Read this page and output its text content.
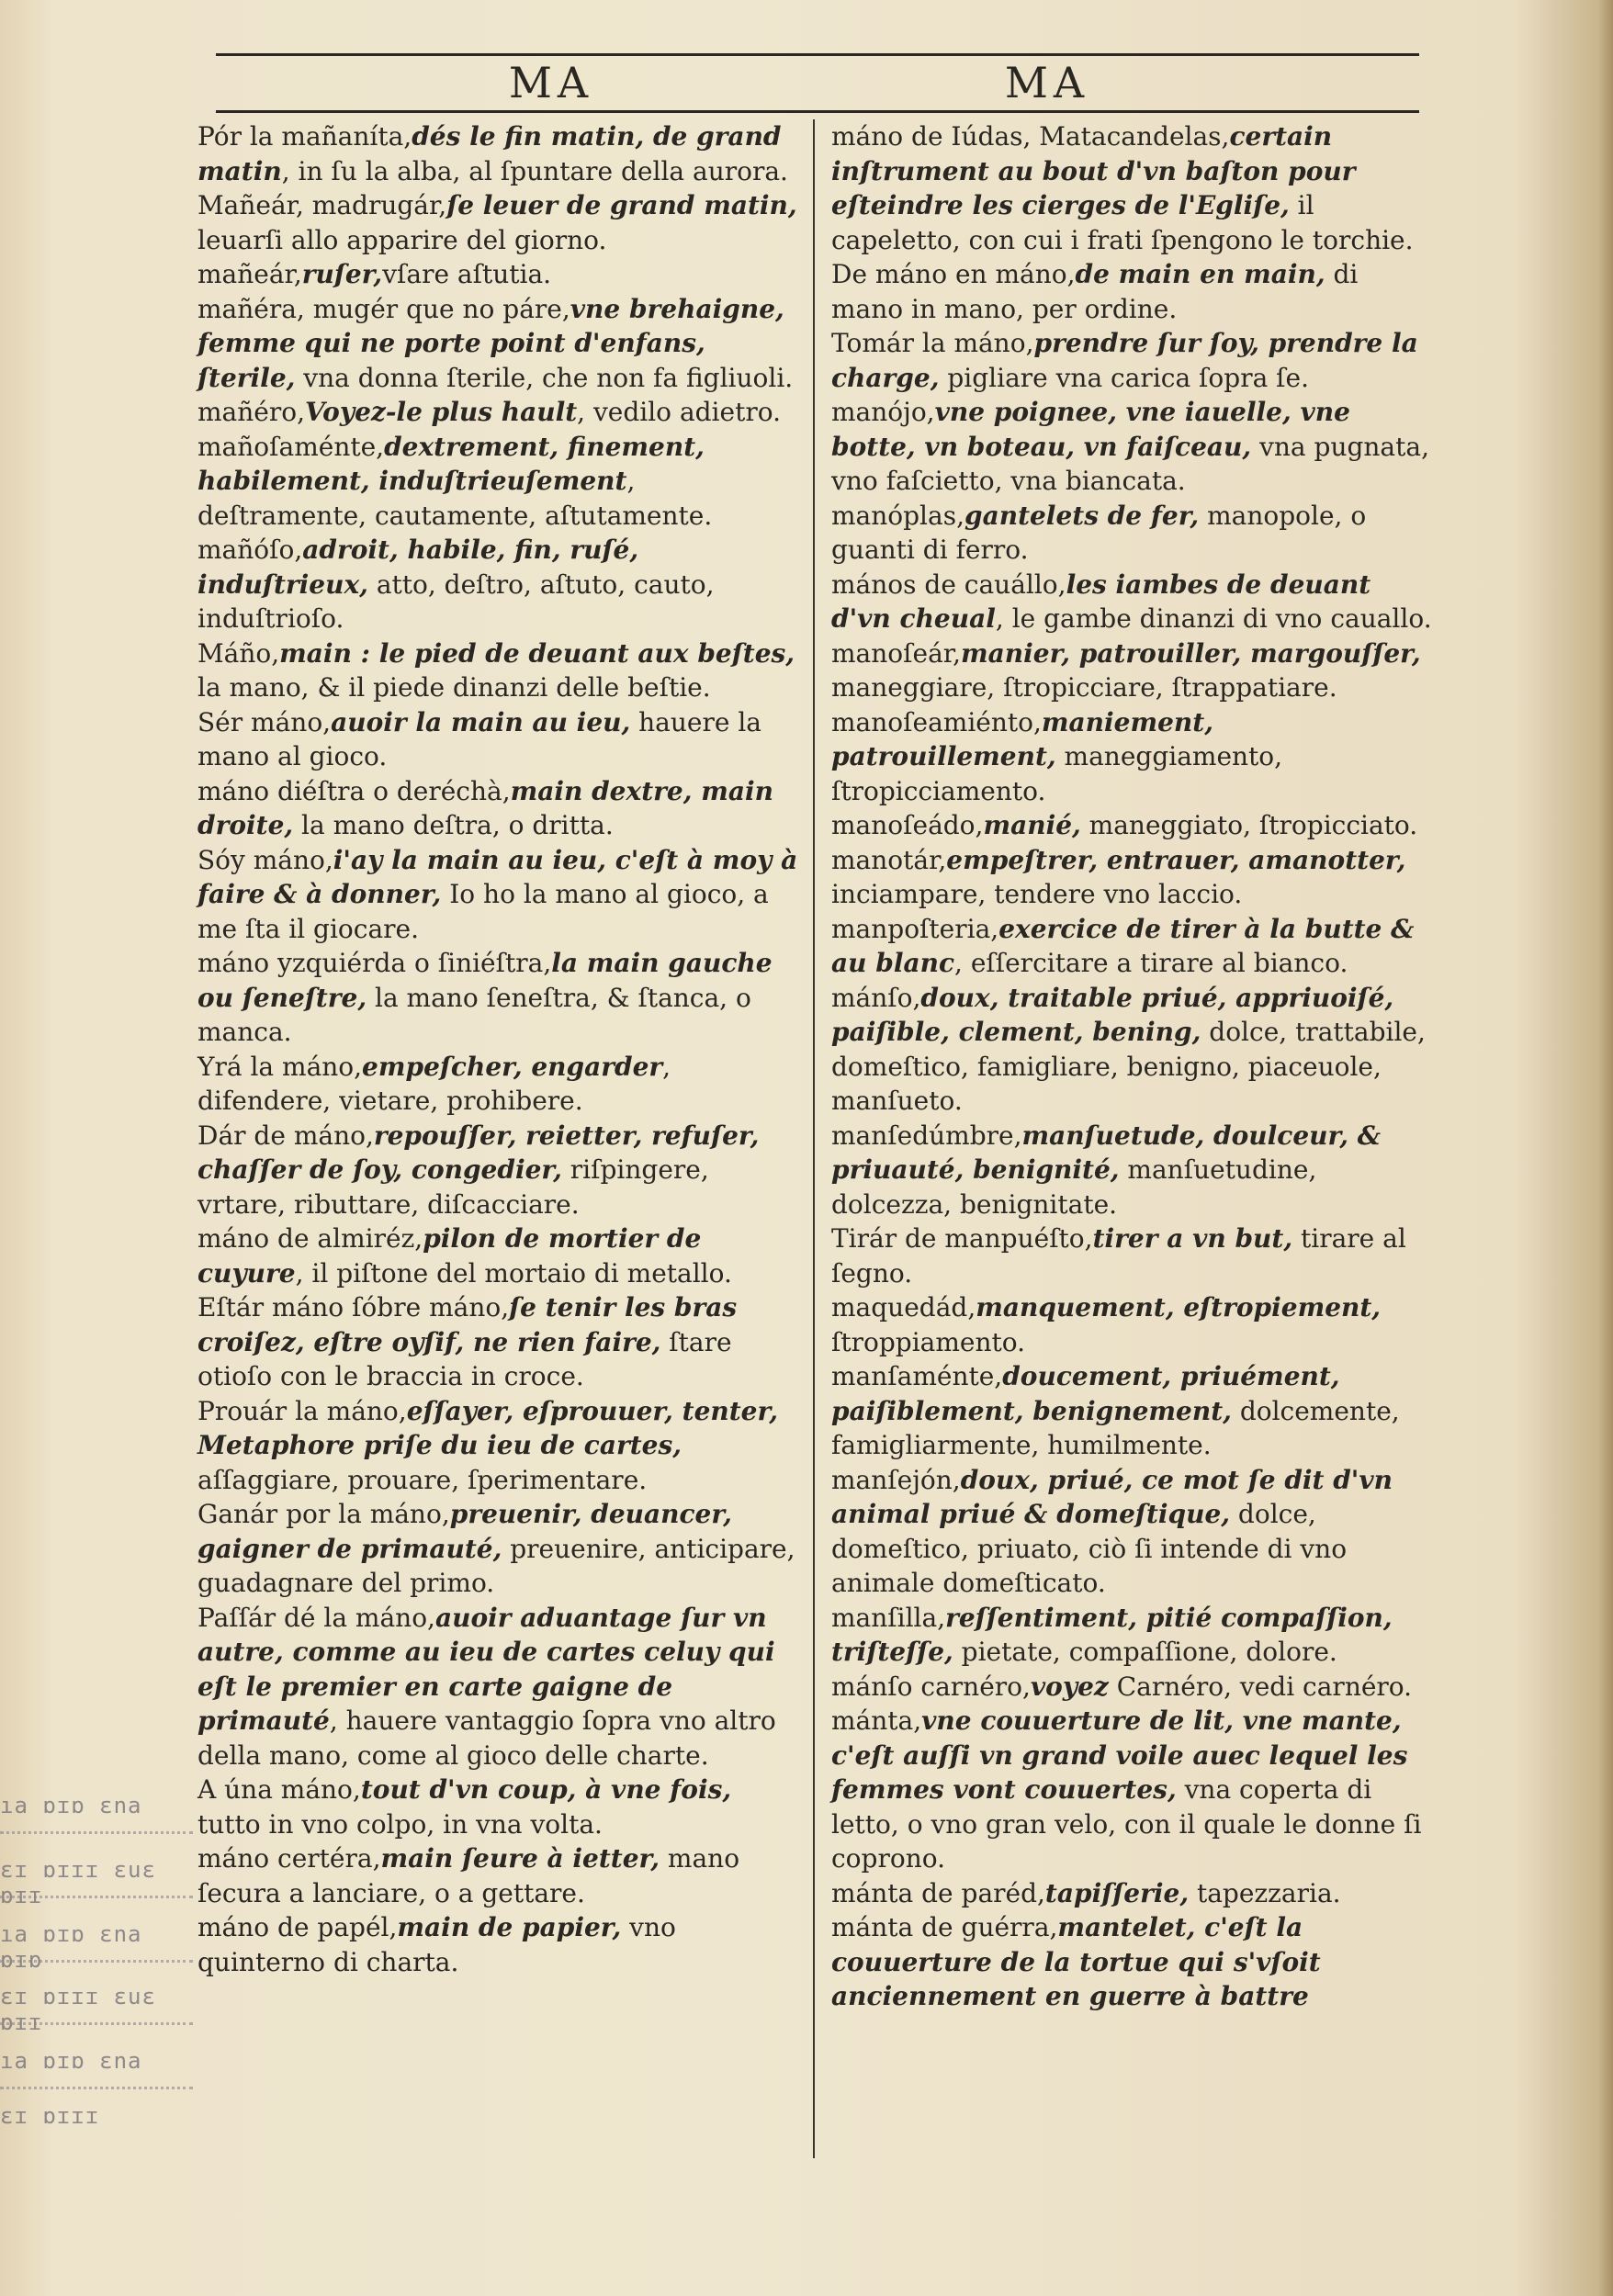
MA	MA

Pór la mañaníta,dés le fin matin, de grand matin, in ſu la alba, al ſpuntare della aurora.

Mañeár, madrugár,ſe leuer de grand matin, leuarſi allo apparire del giorno.

mañeár,ruſer,vſare aſtutia.

mañéra, mugér que no páre,vne brehaigne, femme qui ne porte point d'enfans, ſterile, vna donna ſterile, che non fa figliuoli.

mañéro,Voyez-le plus hault, vedilo adietro.

mañoſaménte,dextrement, finement, habilement, induſtrieuſement, deſtramente, cautamente, aſtutamente.

mañóſo,adroit, habile, fin, ruſé, induſtrieux, atto, deſtro, aſtuto, cauto, induſtrioſo.

Máño,main : le pied de deuant aux beſtes, la mano, & il piede dinanzi delle beſtie.

Sér máno,auoir la main au ieu, hauere la mano al gioco.

máno diéſtra o deréchà,main dextre, main droite, la mano deſtra, o dritta.

Sóy máno,i'ay la main au ieu, c'eſt à moy à faire & à donner, Io ho la mano al gioco, a me ſta il giocare.

máno yzquiérda o ſiniéſtra,la main gauche ou ſeneſtre, la mano ſeneſtra, & ſtanca, o manca.

Yrá la máno,empeſcher, engarder, difendere, vietare, prohibere.

Dár de máno,repouſſer, reietter, refuſer, chaſſer de ſoy, congedier, riſpingere, vrtare, ributtare, diſcacciare.

máno de almiréz,pilon de mortier de cuyure, il piſtone del mortaio di metallo.

Eſtár máno ſóbre máno,ſe tenir les bras croiſez, eſtre oyſif, ne rien faire, ſtare otioſo con le braccia in croce.

Prouár la máno,eſſayer, eſprouuer, tenter, Metaphore priſe du ieu de cartes, aſſaggiare, prouare, ſperimentare.

Ganár por la máno,preuenir, deuancer, gaigner de primauté, preuenire, anticipare, guadagnare del primo.

Paſſár dé la máno,auoir aduantage ſur vn autre, comme au ieu de cartes celuy qui eſt le premier en carte gaigne de primauté, hauere vantaggio ſopra vno altro della mano, come al gioco delle charte.

A úna máno,tout d'vn coup, à vne fois, tutto in vno colpo, in vna volta.

máno certéra,main ſeure à ietter, mano ſecura a lanciare, o a gettare.

máno de papél,main de papier, vno quinterno di charta.

máno de Iúdas, Matacandelas,certain inſtrument au bout d'vn baſton pour eſteindre les cierges de l'Egliſe, il capeletto, con cui i frati ſpengono le torchie.

De máno en máno,de main en main, di mano in mano, per ordine.

Tomár la máno,prendre ſur ſoy, prendre la charge, pigliare vna carica ſopra ſe.

manójo,vne poignee, vne iauelle, vne botte, vn boteau, vn faiſceau, vna pugnata, vno faſcietto, vna biancata.

manóplas,gantelets de fer, manopole, o guanti di ferro.

mános de cauállo,les iambes de deuant d'vn cheual, le gambe dinanzi di vno cauallo.

manoſeár,manier, patrouiller, margouſſer, maneggiare, ſtropicciare, ſtrappatiare.

manoſeamiénto,maniement, patrouillement, maneggiamento, ſtropicciamento.

manoſeádo,manié, maneggiato, ſtropicciato.

manotár,empeſtrer, entrauer, amanotter, inciampare, tendere vno laccio.

manpoſteria,exercice de tirer à la butte & au blanc, eſſercitare a tirare al bianco.

mánſo,doux, traitable priué, appriuoiſé, paiſible, clement, bening, dolce, trattabile, domeſtico, famigliare, benigno, piaceuole, manſueto.

manſedúmbre,manſuetude, doulceur, & priuauté, benignité, manſuetudine, dolcezza, benignitate.

Tirár de manpuéſto,tirer a vn but, tirare al ſegno.

maquedád,manquement, eſtropiement, ſtroppiamento.

manſaménte,doucement, priuément, paiſiblement, benignement, dolcemente, famigliarmente, humilmente.

manſejón,doux, priué, ce mot ſe dit d'vn animal priué & domeſtique, dolce, domeſtico, priuato, ciò ſi intende di vno animale domeſticato.

manſilla,reſſentiment, pitié compaſſion, triſteſſe, pietate, compaſſione, dolore.

mánſo carnéro,voyez Carnéro, vedi carnéro.

mánta,vne couuerture de lit, vne mante, c'eſt auſſi vn grand voile auec lequel les femmes vont couuertes, vna coperta di letto, o vno gran velo, con il quale le donne ſi coprono.

mánta de paréd,tapiſſerie, tapezzaria.

mánta de guérra,mantelet, c'eſt la couuerture de la tortue qui s'vſoit anciennement en guerre à battre

ıa ɒɪɒ ɛna
ɛɪ ɒɪɪɪ ɛuɛ ɒɪɪ
ıa ɒɪɒ ɛna ɒɪɒ
ɛɪ ɒɪɪɪ ɛuɛ ɒɪɪ
ıa ɒɪɒ ɛna
ɛɪ ɒɪɪɪ
